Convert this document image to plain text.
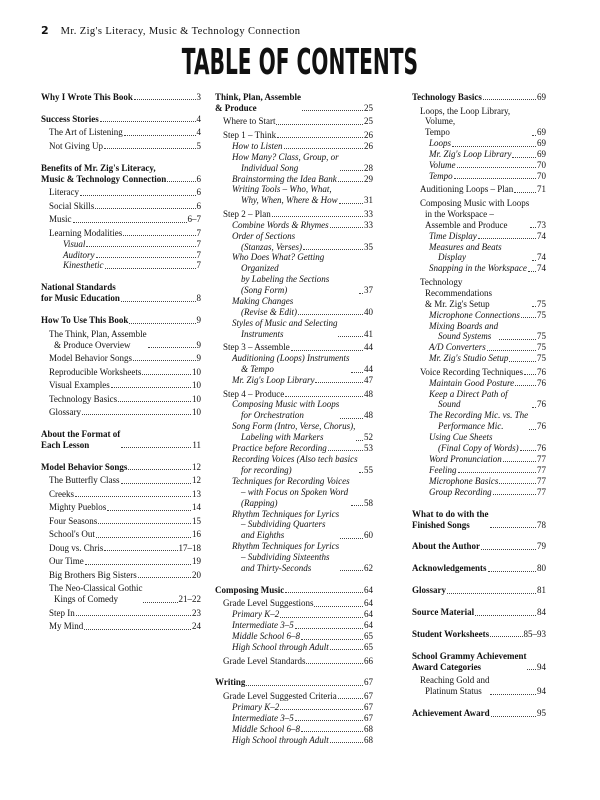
2 Mr. Zig's Literacy, Music & Technology Connection
TABLE OF CONTENTS
Why I Wrote This Book	3
Success Stories	4
The Art of Listening	4
Not Giving Up	5
Benefits of Mr. Zig's Literacy,
Music & Technology Connection	6
Literacy	6
Social Skills	6
Music	6–7
Learning Modalities	7
Visual	7
Auditory	7
Kinesthetic	7
National Standards
for Music Education	8
How To Use This Book	9
The Think, Plan, Assemble
& Produce Overview	9
Model Behavior Songs	9
Reproducible Worksheets	10
Visual Examples	10
Technology Basics	10
Glossary	10
About the Format of
Each Lesson	11
Model Behavior Songs	12
The Butterfly Class	12
Creeks	13
Mighty Pueblos	14
Four Seasons	15
School's Out	16
Doug vs. Chris	17–18
Our Time	19
Big Brothers Big Sisters	20
The Neo-Classical Gothic
Kings of Comedy	21–22
Step In	23
My Mind	24
Think, Plan, Assemble
& Produce	25
Where to Start	25
Step 1 – Think	26
How to Listen	26
How Many? Class, Group, or
Individual Song	28
Brainstorming the Idea Bank	29
Writing Tools – Who, What,
Why, When, Where & How	31
Step 2 – Plan	33
Combine Words & Rhymes	33
Order of Sections
(Stanzas, Verses)	35
Who Does What? Getting Organized
by Labeling the Sections
(Song Form)	37
Making Changes
(Revise & Edit)	40
Styles of Music and Selecting
Instruments	41
Step 3 – Assemble	44
Auditioning (Loops) Instruments
& Tempo	44
Mr. Zig's Loop Library	47
Step 4 – Produce	48
Composing Music with Loops
for Orchestration	48
Song Form (Intro, Verse, Chorus),
Labeling with Markers	52
Practice before Recording	53
Recording Voices (Also tech basics
for recording)	55
Techniques for Recording Voices
– with Focus on Spoken Word
(Rapping)	58
Rhythm Techniques for Lyrics
– Subdividing Quarters
and Eighths	60
Rhythm Techniques for Lyrics
– Subdividing Sixteenths
and Thirty-Seconds	62
Composing Music	64
Grade Level Suggestions	64
Primary K–2	64
Intermediate 3–5	64
Middle School 6–8	65
High School through Adult	65
Grade Level Standards	66
Writing	67
Grade Level Suggested Criteria	67
Primary K–2	67
Intermediate 3–5	67
Middle School 6–8	68
High School through Adult	68
Technology Basics	69
Loops, the Loop Library, Volume,
Tempo	69
Loops	69
Mr. Zig's Loop Library	69
Volume	70
Tempo	70
Auditioning Loops – Plan	71
Composing Music with Loops
in the Workspace –
Assemble and Produce	73
Time Display	74
Measures and Beats Display	74
Snapping in the Workspace 74
Technology Recommendations
& Mr. Zig's Setup	75
Microphone Connections 75
Mixing Boards and
Sound Systems	75
A/D Converters	75
Mr. Zig's Studio Setup	75
Voice Recording Techniques 76
Maintain Good Posture	76
Keep a Direct Path of Sound	76
The Recording Mic. vs. The
Performance Mic.	76
Using Cue Sheets
(Final Copy of Words) 76
Word Pronunciation	77
Feeling	77
Microphone Basics	77
Group Recording	77
What to do with the
Finished Songs	78
About the Author	79
Acknowledgements	80
Glossary	81
Source Material	84
Student Worksheets	85–93
School Grammy Achievement
Award Categories	94
Reaching Gold and
Platinum Status	94
Achievement Award	95
